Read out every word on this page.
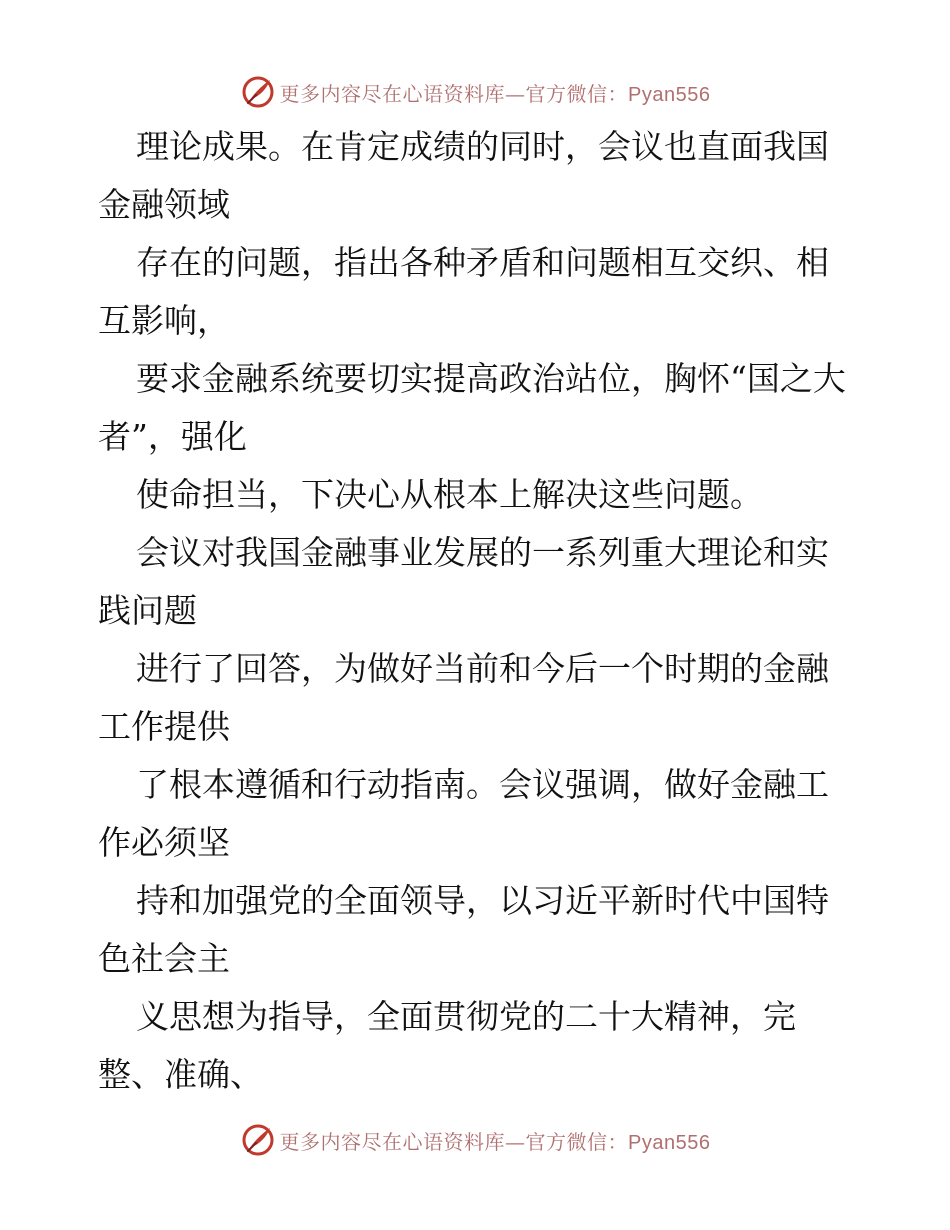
更多内容尽在心语资料库—官方微信：Pyan556

理论成果。在肯定成绩的同时，会议也直面我国金融领域

存在的问题，指出各种矛盾和问题相互交织、相互影响，

要求金融系统要切实提高政治站位，胸怀“国之大者”，强化

使命担当，下决心从根本上解决这些问题。

会议对我国金融事业发展的一系列重大理论和实践问题

进行了回答，为做好当前和今后一个时期的金融工作提供

了根本遵循和行动指南。会议强调，做好金融工作必须坚

持和加强党的全面领导，以习近平新时代中国特色社会主

义思想为指导，全面贯彻党的二十大精神，完整、准确、

更多内容尽在心语资料库—官方微信：Pyan556
